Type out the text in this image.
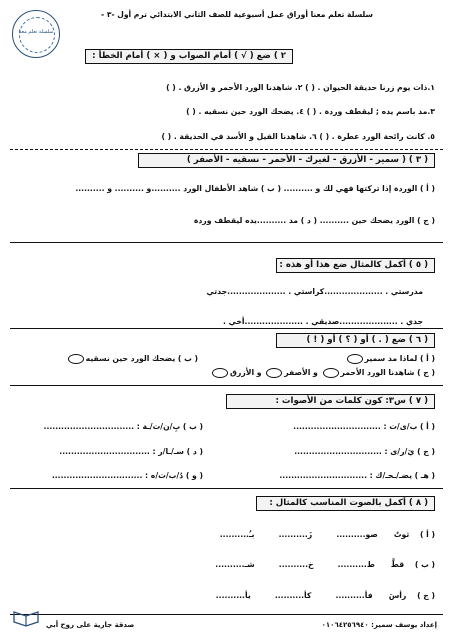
سلسلة تعلم معنا أوراق عمل أسبوعية للصف الثاني الابتدائي ترم أول -٣ -
سلسلة تعلم معنا
٢ ) ضع ( √ ) أمام الصواب و ( × ) أمام الخطأ :
١.ذات يوم زرنا حديقة الحيوان . ( ) ٢. شاهدنا الورد الأحمر و الأزرق . ( )
٣.مد باسم يده ; ليقطف وردة . ( ) ٤. يضحك الورد حين نسقيه . ( )
٥. كانت رائحة الورد عطرة . ( ) ٦. شاهدنا الفيل و الأسد في الحديقة . ( )
( ٣ ) ( سمير - الأزرق - لغيرك - الأحمر - نسقيه - الأصفر )
( أ ) الوردة إذا تركتها فهي لك و .......... ( ب ) شاهد الأطفال الورد ..........و .......... و ..........
( ج ) الورد يضحك حين .......... ( د ) مد ..........يده ليقطف وردة
( ٥ ) أكمل كالمثال ضع هذا أو هذه :
مدرستي . ....................كراستي . ....................جدتي
جدي . ....................صديقي . ....................أخي .
( ٦ ) ضع ( . ) أو ( ؟ ) أو ( ! )
( أ ) لماذا مد سمير
( ب ) يضحك الورد حين نسقيه
( ج ) شاهدنا الورد الأحمر و الأصفر و الأزرق
( ٧ ) س٣: كون كلمات من الأصوات :
( أ ) ب/ى/ت : ..............................
( ب ) بِ/ن/ت/ـة : ...............................
( ج ) يَ/ر/ى : ..............................
( د ) سـ/ـا/ر : ...............................
( هـ ) يضـ/ـحـ/ك : ..............................
( و ) دُ/ب/ت/ه : ...............................
( ٨ ) أكمل بالصوت المناسب كالمثال :
( أ )    ثوتٌ      صو..........         زَ..........         بـُ..........
( ب )    قطَّ      ط..........         خ..........         شـ..........
( ج )    رأسَ      فأ..........         كأ..........         يأ..........
صدقة جارية على روح أبي	إعداد يوسف سمير: ٠١٠٦٤٢٥٦٩٤٠
